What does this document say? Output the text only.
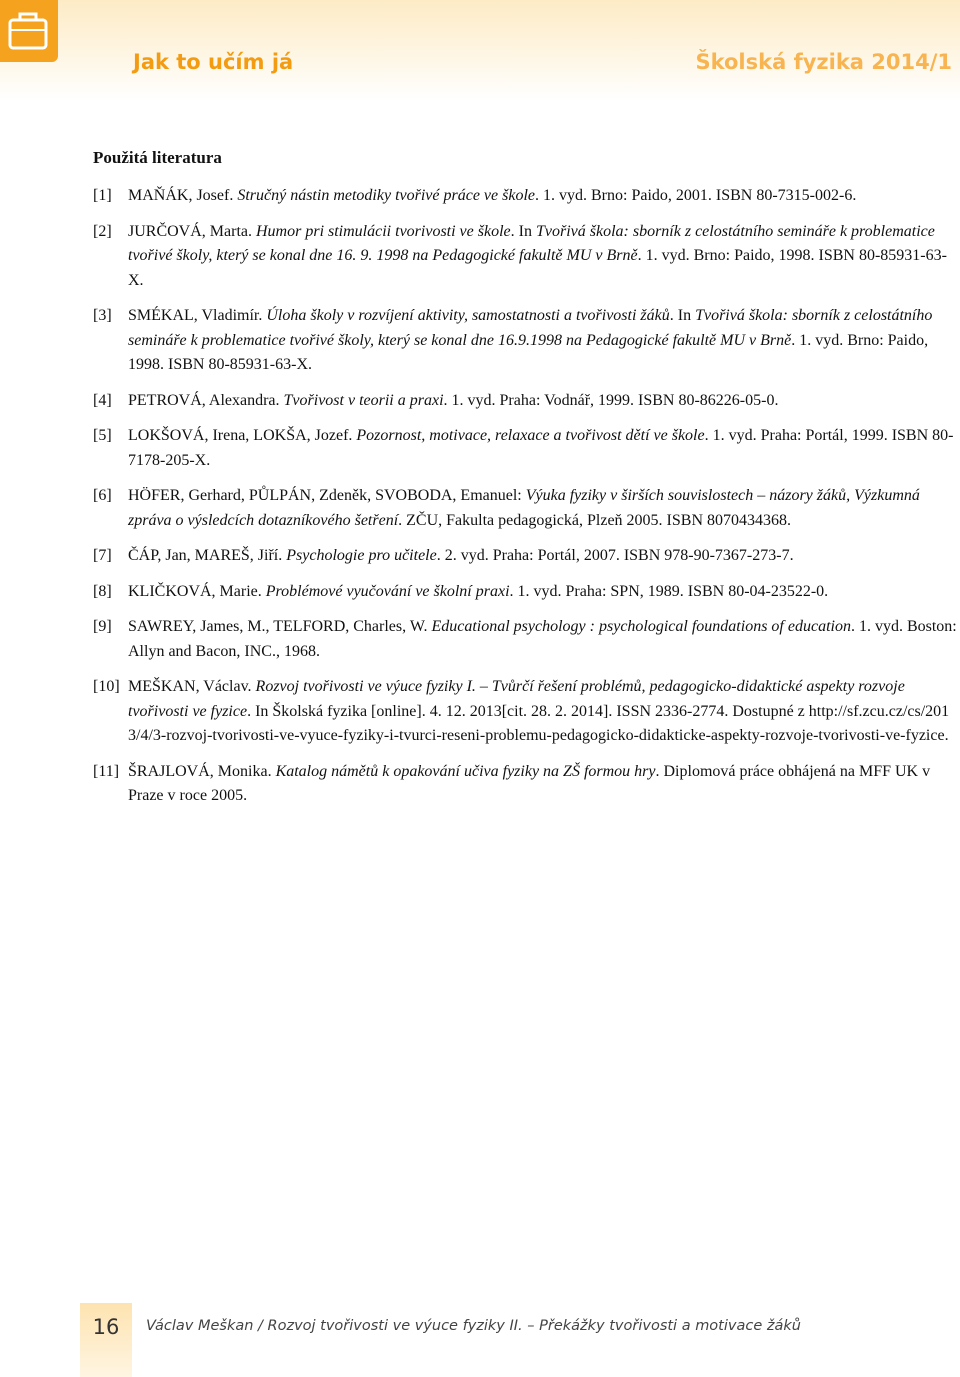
Jak to učím já	Školská fyzika 2014/1
Použitá literatura
[1] MAŇÁK, Josef. Stručný nástin metodiky tvořivé práce ve škole. 1. vyd. Brno: Paido, 2001. ISBN 80-7315-002-6.
[2] JURČOVÁ, Marta. Humor pri stimulácii tvorivosti ve škole. In Tvořivá škola: sborník z celostátního semináře k problematice tvořivé školy, který se konal dne 16. 9. 1998 na Pedagogické fakultě MU v Brně. 1. vyd. Brno: Paido, 1998. ISBN 80-85931-63-X.
[3] SMÉKAL, Vladimír. Úloha školy v rozvíjení aktivity, samostatnosti a tvořivosti žáků. In Tvořivá škola: sborník z celostátního semináře k problematice tvořivé školy, který se konal dne 16.9.1998 na Pedagogické fakultě MU v Brně. 1. vyd. Brno: Paido, 1998. ISBN 80-85931-63-X.
[4] PETROVÁ, Alexandra. Tvořivost v teorii a praxi. 1. vyd. Praha: Vodnář, 1999. ISBN 80-86226-05-0.
[5] LOKŠOVÁ, Irena, LOKŠA, Jozef. Pozornost, motivace, relaxace a tvořivost dětí ve škole. 1. vyd. Praha: Portál, 1999. ISBN 80-7178-205-X.
[6] HÖFER, Gerhard, PŮLPÁN, Zdeněk, SVOBODA, Emanuel: Výuka fyziky v širších souvislostech – názory žáků, Výzkumná zpráva o výsledcích dotazníkového šetření. ZČU, Fakulta pedagogická, Plzeň 2005. ISBN 8070434368.
[7] ČÁP, Jan, MAREŠ, Jiří. Psychologie pro učitele. 2. vyd. Praha: Portál, 2007. ISBN 978-90-7367-273-7.
[8] KLIČKOVÁ, Marie. Problémové vyučování ve školní praxi. 1. vyd. Praha: SPN, 1989. ISBN 80-04-23522-0.
[9] SAWREY, James, M., TELFORD, Charles, W. Educational psychology : psychological foundations of education. 1. vyd. Boston: Allyn and Bacon, INC., 1968.
[10] MEŠKAN, Václav. Rozvoj tvořivosti ve výuce fyziky I. – Tvůrčí řešení problémů, pedagogicko-didaktické aspekty rozvoje tvořivosti ve fyzice. In Školská fyzika [online]. 4. 12. 2013[cit. 28. 2. 2014]. ISSN 2336-2774. Dostupné z http://sf.zcu.cz/cs/2013/4/3-rozvoj-tvorivosti-ve-vyuce-fyziky-i-tvurci-reseni-problemu-pedagogicko-didakticke-aspekty-rozvoje-tvorivosti-ve-fyzice.
[11] ŠRAJLOVÁ, Monika. Katalog námětů k opakování učiva fyziky na ZŠ formou hry. Diplomová práce obhájená na MFF UK v Praze v roce 2005.
16	Václav Meškan / Rozvoj tvořivosti ve výuce fyziky II. – Překážky tvořivosti a motivace žáků
